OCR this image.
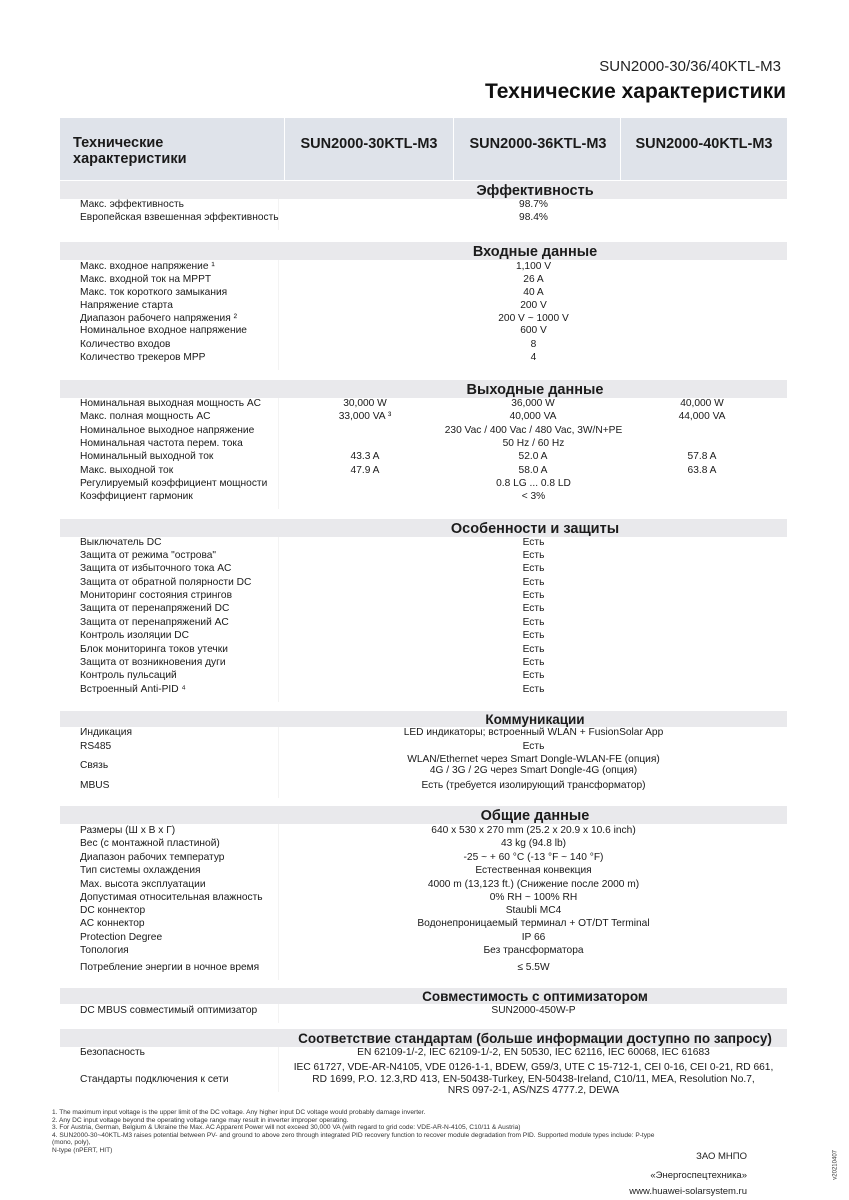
SUN2000-30/36/40KTL-M3
Технические характеристики
Технические характеристики
SUN2000-30KTL-M3	SUN2000-36KTL-M3	SUN2000-40KTL-M3
Эффективность
Макс. эффективность	98.7%
Европейская взвешенная эффективность	98.4%
Входные данные
Макс. входное напряжение ¹	1,100 V
Макс. входной ток на MPPT	26 A
Макс. ток короткого замыкания	40 A
Напряжение старта	200 V
Диапазон рабочего напряжения ²	200 V ~ 1000 V
Номинальное входное напряжение	600 V
Количество входов	8
Количество трекеров MPP	4
Выходные данные
Номинальная выходная мощность AC	30,000 W	36,000 W	40,000 W
Макс. полная мощность AC	33,000 VA ³	40,000 VA	44,000 VA
Номинальное выходное напряжение	230 Vac / 400 Vac / 480 Vac, 3W/N+PE
Номинальная частота перем. тока	50 Hz / 60 Hz
Номинальный выходной ток	43.3 A	52.0 A	57.8 A
Макс. выходной ток	47.9 A	58.0 A	63.8 A
Регулируемый коэффициент мощности	0.8 LG ... 0.8 LD
Коэффициент гармоник	< 3%
Особенности и защиты
Выключатель DC	Есть
Защита от режима "острова"	Есть
Защита от избыточного тока AC	Есть
Защита от обратной полярности DC	Есть
Мониторинг состояния стрингов	Есть
Защита от перенапряжений DC	Есть
Защита от перенапряжений AC	Есть
Контроль изоляции DC	Есть
Блок мониторинга токов утечки	Есть
Защита от возникновения дуги	Есть
Контроль пульсаций	Есть
Встроенный Anti-PID ⁴	Есть
Коммуникации
Индикация	LED индикаторы; встроенный WLAN + FusionSolar App
RS485	Есть
Связь
WLAN/Ethernet через Smart Dongle-WLAN-FE (опция)
4G / 3G / 2G через Smart Dongle-4G (опция)
MBUS	Есть (требуется изолирующий трансформатор)
Общие данные
Размеры (Ш x В x Г)	640 x 530 x 270 mm (25.2 x 20.9 x 10.6 inch)
Вес (с монтажной пластиной)	43 kg (94.8 lb)
Диапазон рабочих температур	-25 ~ + 60 °C (-13 °F ~ 140 °F)
Тип системы охлаждения	Естественная конвекция
Max. высота эксплуатации	4000 m (13,123 ft.) (Снижение после 2000 m)
Допустимая относительная влажность	0% RH ~ 100% RH
DC коннектор	Staubli MC4
AC коннектор	Водонепроницаемый терминал + OT/DT Terminal
Protection Degree	IP 66
Топология	Без трансформатора
Потребление энергии в ночное время	≤ 5.5W
Совместимость с оптимизатором
DC MBUS совместимый оптимизатор	SUN2000-450W-P
Соответствие стандартам (больше информации доступно по запросу)
Безопасность	EN 62109-1/-2, IEC 62109-1/-2, EN 50530, IEC 62116, IEC 60068, IEC 61683
Стандарты подключения к сети
IEC 61727, VDE-AR-N4105, VDE 0126-1-1, BDEW, G59/3, UTE C 15-712-1, CEI 0-16, CEI 0-21, RD 661,
RD 1699, P.O. 12.3,RD 413, EN-50438-Turkey, EN-50438-Ireland, C10/11, MEA, Resolution No.7,
NRS 097-2-1, AS/NZS 4777.2, DEWA
1. The maximum input voltage is the upper limit of the DC voltage. Any higher input DC voltage would probably damage inverter.
2. Any DC input voltage beyond the operating voltage range may result in inverter improper operating.
3. For Austria, German, Belgium & Ukraine the Max. AC Apparent Power will not exceed 30,000 VA (with regard to grid code: VDE-AR-N-4105, C10/11 & Austria)
4. SUN2000-30~40KTL-M3 raises potential between PV- and ground to above zero through integrated PID recovery function to recover module degradation from PID. Supported module types include: P-type
(mono, poly),
N-type (nPERT, HIT)
ЗАО МНПО
«Энергоспецтехника»
www.huawei-solarsystem.ru
v20210407
